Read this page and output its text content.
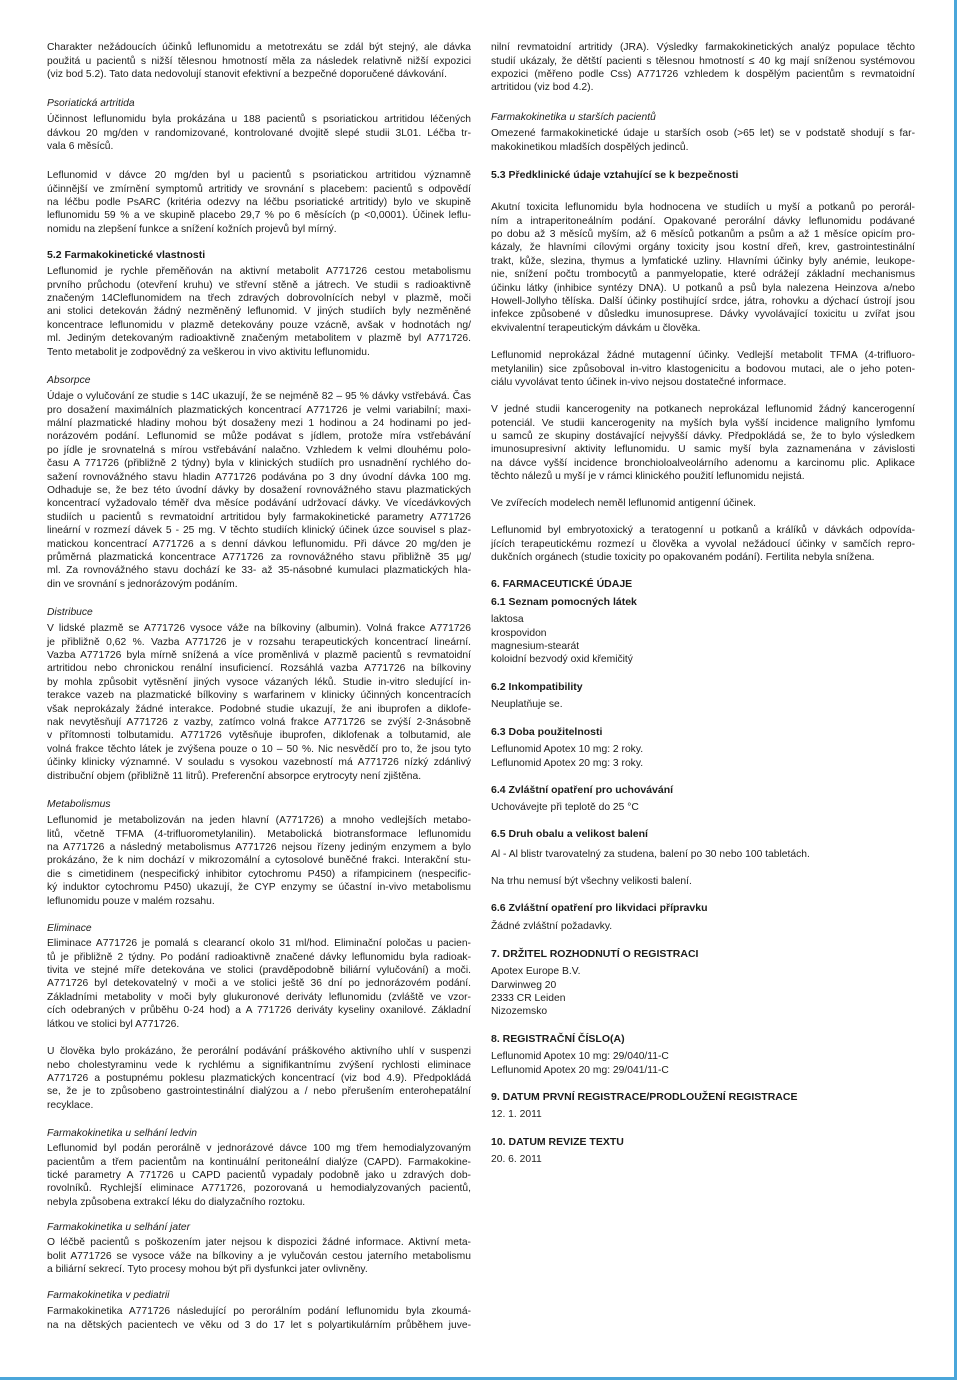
Charakter nežádoucích účinků leflunomidu a metotrexátu se zdál být stejný, ale dávka
použitá u pacientů s nižší tělesnou hmotností měla za následek relativně nižší expozici
(viz bod 5.2). Tato data nedovolují stanovit efektivní a bezpečné doporučené dávkování.
Psoriatická artritida
Účinnost leflunomidu byla prokázána u 188 pacientů s psoriatickou artritidou léčených
dávkou 20 mg/den v randomizované, kontrolované dvojitě slepé studii 3L01. Léčba tr-
vala 6 měsíců.
Leflunomid v dávce 20 mg/den byl u pacientů s psoriatickou artritidou významně
účinnější ve zmírnění symptomů artritidy ve srovnání s placebem: pacientů s odpovědí
na léčbu podle PsARC (kritéria odezvy na léčbu psoriatické artritidy) bylo ve skupině
leflunomidu 59 % a ve skupině placebo 29,7 % po 6 měsících (p <0,0001). Účinek leflu-
nomidu na zlepšení funkce a snížení kožních projevů byl mírný.
5.2 Farmakokinetické vlastnosti
Leflunomid je rychle přeměňován na aktivní metabolit A771726 cestou metabolismu
prvního průchodu (otevření kruhu) ve střevní stěně a játrech. Ve studii s radioaktivně
značeným 14Cleflunomidem na třech zdravých dobrovolnících nebyl v plazmě, moči
ani stolici detekován žádný nezměněný leflunomid. V jiných studiích byly nezměněné
koncentrace leflunomidu v plazmě detekovány pouze vzácně, avšak v hodnotách ng/
ml. Jediným detekovaným radioaktivně značeným metabolitem v plazmě byl A771726.
Tento metabolit je zodpovědný za veškerou in vivo aktivitu leflunomidu.
Absorpce
Údaje o vylučování ze studie s 14C ukazují, že se nejméně 82 – 95 % dávky vstřebává. Čas
pro dosažení maximálních plazmatických koncentrací A771726 je velmi variabilní; maxi-
mální plazmatické hladiny mohou být dosaženy mezi 1 hodinou a 24 hodinami po jed-
norázovém podání. Leflunomid se může podávat s jídlem, protože míra vstřebávání
po jídle je srovnatelná s mírou vstřebávání nalačno. Vzhledem k velmi dlouhému polo-
času A 771726 (přibližně 2 týdny) byla v klinických studiích pro usnadnění rychlého do-
sažení rovnovážného stavu hladin A771726 podávána po 3 dny úvodní dávka 100 mg.
Odhaduje se, že bez této úvodní dávky by dosažení rovnovážného stavu plazmatických
koncentrací vyžadovalo téměř dva měsíce podávání udržovací dávky. Ve vícedávkových
studiích u pacientů s revmatoidní artritidou byly farmakokinetické parametry A771726
lineární v rozmezí dávek 5 - 25 mg. V těchto studiích klinický účinek úzce souvisel s plaz-
matickou koncentrací A771726 a s denní dávkou leflunomidu. Při dávce 20 mg/den je
průměrná plazmatická koncentrace A771726 za rovnovážného stavu přibližně 35 μg/
ml. Za rovnovážného stavu dochází ke 33- až 35-násobné kumulaci plazmatických hla-
din ve srovnání s jednorázovým podáním.
Distribuce
V lidské plazmě se A771726 vysoce váže na bílkoviny (albumin). Volná frakce A771726
je přibližně 0,62 %. Vazba A771726 je v rozsahu terapeutických koncentrací lineární.
Vazba A771726 byla mírně snížená a více proměnlivá v plazmě pacientů s revmatoidní
artritidou nebo chronickou renální insuficiencí. Rozsáhlá vazba A771726 na bílkoviny
by mohla způsobit vytěsnění jiných vysoce vázaných léků. Studie in-vitro sledující in-
terakce vazeb na plazmatické bílkoviny s warfarinem v klinicky účinných koncentracích
však neprokázaly žádné interakce. Podobné studie ukazují, že ani ibuprofen a diklofe-
nak nevytěsňují A771726 z vazby, zatímco volná frakce A771726 se zvýší 2-3násobně
v přítomnosti tolbutamidu. A771726 vytěsňuje ibuprofen, diklofenak a tolbutamid, ale
volná frakce těchto látek je zvýšena pouze o 10 – 50 %. Nic nesvědčí pro to, že jsou tyto
účinky klinicky významné. V souladu s vysokou vazebností má A771726 nízký zdánlivý
distribuční objem (přibližně 11 litrů). Preferenční absorpce erytrocyty není zjištěna.
Metabolismus
Leflunomid je metabolizován na jeden hlavní (A771726) a mnoho vedlejších metabo-
litů, včetně TFMA (4-trifluorometylanilin). Metabolická biotransformace leflunomidu
na A771726 a následný metabolismus A771726 nejsou řízeny jediným enzymem a bylo
prokázáno, že k nim dochází v mikrozomální a cytosolové buněčné frakci. Interakční stu-
die s cimetidinem (nespecifický inhibitor cytochromu P450) a rifampicinem (nespecific-
ký induktor cytochromu P450) ukazují, že CYP enzymy se účastní in-vivo metabolismu
leflunomidu pouze v malém rozsahu.
Eliminace
Eliminace A771726 je pomalá s clearancí okolo 31 ml/hod. Eliminační poločas u pacien-
tů je přibližně 2 týdny. Po podání radioaktivně značené dávky leflunomidu byla radioak-
tivita ve stejné míře detekována ve stolici (pravděpodobně biliární vylučování) a moči.
A771726 byl detekovatelný v moči a ve stolici ještě 36 dní po jednorázovém podání.
Základními metabolity v moči byly glukuronové deriváty leflunomidu (zvláště ve vzor-
cích odebraných v průběhu 0-24 hod) a A 771726 deriváty kyseliny oxanilové. Základní
látkou ve stolici byl A771726.
U člověka bylo prokázáno, že perorální podávání práškového aktivního uhlí v suspenzi
nebo cholestyraminu vede k rychlému a signifikantnímu zvýšení rychlosti eliminace
A771726 a postupnému poklesu plazmatických koncentrací (viz bod 4.9). Předpokládá
se, že je to způsobeno gastrointestinální dialýzou a / nebo přerušením enterohepatální
recyklace.
Farmakokinetika u selhání ledvin
Leflunomid byl podán perorálně v jednorázové dávce 100 mg třem hemodialyzovaným
pacientům a třem pacientům na kontinuální peritoneální dialýze (CAPD). Farmakokine-
tické parametry A 771726 u CAPD pacientů vypadaly podobně jako u zdravých dob-
rovolníků. Rychlejší eliminace A771726, pozorovaná u hemodialyzovaných pacientů,
nebyla způsobena extrakcí léku do dialyzačního roztoku.
Farmakokinetika u selhání jater
O léčbě pacientů s poškozením jater nejsou k dispozici žádné informace. Aktivní meta-
bolit A771726 se vysoce váže na bílkoviny a je vylučován cestou jaterního metabolismu
a biliární sekrecí. Tyto procesy mohou být při dysfunkci jater ovlivněny.
Farmakokinetika v pediatrii
Farmakokinetika A771726 následující po perorálním podání leflunomidu byla zkoumá-
na na dětských pacientech ve věku od 3 do 17 let s polyartikulárním průběhem juve-
nilní revmatoidní artritidy (JRA). Výsledky farmakokinetických analýz populace těchto
studií ukázaly, že dětští pacienti s tělesnou hmotností ≤ 40 kg mají sníženou systémovou
expozici (měřeno podle Css) A771726 vzhledem k dospělým pacientům s revmatoidní
artritidou (viz bod 4.2).
Farmakokinetika u starších pacientů
Omezené farmakokinetické údaje u starších osob (>65 let) se v podstatě shodují s far-
makokinetikou mladších dospělých jedinců.
5.3 Předklinické údaje vztahující se k bezpečnosti
Akutní toxicita leflunomidu byla hodnocena ve studiích u myší a potkanů po perorál-
ním a intraperitoneálním podání. Opakované perorální dávky leflunomidu podávané
po dobu až 3 měsíců myším, až 6 měsíců potkanům a psům a až 1 měsíce opicím pro-
kázaly, že hlavními cílovými orgány toxicity jsou kostní dřeň, krev, gastrointestinální
trakt, kůže, slezina, thymus a lymfatické uzliny. Hlavními účinky byly anémie, leukope-
nie, snížení počtu trombocytů a panmyelopatie, které odrážejí základní mechanismus
účinku látky (inhibice syntézy DNA). U potkanů a psů byla nalezena Heinzova a/nebo
Howell-Jollyho tělíska. Další účinky postihující srdce, játra, rohovku a dýchací ústrojí jsou
infekce způsobené v důsledku imunosuprese. Dávky vyvolávající toxicitu u zvířat jsou
ekvivalentní terapeutickým dávkám u člověka.
Leflunomid neprokázal žádné mutagenní účinky. Vedlejší metabolit TFMA (4-trifluoro-
metylanilin) sice způsoboval in-vitro klastogenicitu a bodovou mutaci, ale o jeho poten-
ciálu vyvolávat tento účinek in-vivo nejsou dostatečné informace.
V jedné studii kancerogenity na potkanech neprokázal leflunomid žádný kancerogenní
potenciál. Ve studii kancerogenity na myších byla vyšší incidence maligního lymfomu
u samců ze skupiny dostávající nejvyšší dávky. Předpokládá se, že to bylo výsledkem
imunosupresivní aktivity leflunomidu. U samic myší byla zaznamenána v závislosti
na dávce vyšší incidence bronchioloalveolárního adenomu a karcinomu plic. Aplikace
těchto nálezů u myší je v rámci klinického použití leflunomidu nejistá.
Ve zvířecích modelech neměl leflunomid antigenní účinek.
Leflunomid byl embryotoxický a teratogenní u potkanů a králíků v dávkách odpovída-
jících terapeutickému rozmezí u člověka a vyvolal nežádoucí účinky v samčích repro-
dukčních orgánech (studie toxicity po opakovaném podání). Fertilita nebyla snížena.
6. FARMACEUTICKÉ ÚDAJE
6.1 Seznam pomocných látek
laktosa
krospovidon
magnesium-stearát
koloidní bezvodý oxid křemičitý
6.2 Inkompatibility
Neuplatňuje se.
6.3 Doba použitelnosti
Leflunomid Apotex 10 mg: 2 roky.
Leflunomid Apotex 20 mg: 3 roky.
6.4 Zvláštní opatření pro uchovávání
Uchovávejte při teplotě do 25 °C
6.5 Druh obalu a velikost balení
Al - Al blistr tvarovatelný za studena, balení po 30 nebo 100 tabletách.
Na trhu nemusí být všechny velikosti balení.
6.6 Zvláštní opatření pro likvidaci přípravku
Žádné zvláštní požadavky.
7. DRŽITEL ROZHODNUTÍ O REGISTRACI
Apotex Europe B.V.
Darwinweg 20
2333 CR Leiden
Nizozemsko
8. REGISTRAČNÍ ČÍSLO(A)
Leflunomid Apotex 10 mg: 29/040/11-C
Leflunomid Apotex 20 mg: 29/041/11-C
9. DATUM PRVNÍ REGISTRACE/PRODLOUŽENÍ REGISTRACE
12. 1. 2011
10. DATUM REVIZE TEXTU
20. 6. 2011
